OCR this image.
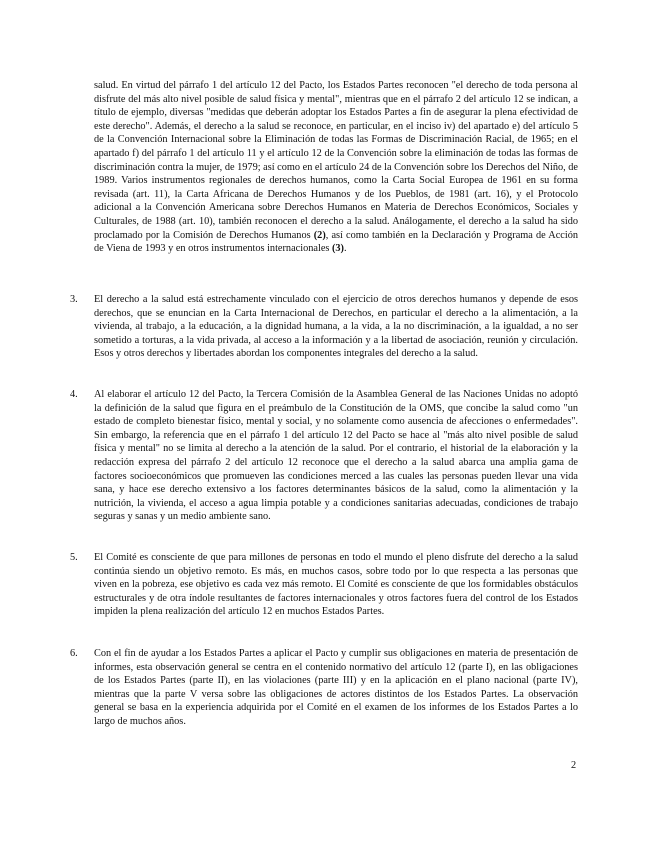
salud. En virtud del párrafo 1 del artículo 12 del Pacto, los Estados Partes reconocen "el derecho de toda persona al disfrute del más alto nivel posible de salud física y mental", mientras que en el párrafo 2 del artículo 12 se indican, a título de ejemplo, diversas "medidas que deberán adoptar los Estados Partes a fin de asegurar la plena efectividad de este derecho". Además, el derecho a la salud se reconoce, en particular, en el inciso iv) del apartado e) del artículo 5 de la Convención Internacional sobre la Eliminación de todas las Formas de Discriminación Racial, de 1965; en el apartado f) del párrafo 1 del artículo 11 y el artículo 12 de la Convención sobre la eliminación de todas las formas de discriminación contra la mujer, de 1979; así como en el artículo 24 de la Convención sobre los Derechos del Niño, de 1989. Varios instrumentos regionales de derechos humanos, como la Carta Social Europea de 1961 en su forma revisada (art. 11), la Carta Africana de Derechos Humanos y de los Pueblos, de 1981 (art. 16), y el Protocolo adicional a la Convención Americana sobre Derechos Humanos en Materia de Derechos Económicos, Sociales y Culturales, de 1988 (art. 10), también reconocen el derecho a la salud. Análogamente, el derecho a la salud ha sido proclamado por la Comisión de Derechos Humanos (2), así como también en la Declaración y Programa de Acción de Viena de 1993 y en otros instrumentos internacionales (3).

3. El derecho a la salud está estrechamente vinculado con el ejercicio de otros derechos humanos y depende de esos derechos, que se enuncian en la Carta Internacional de Derechos, en particular el derecho a la alimentación, a la vivienda, al trabajo, a la educación, a la dignidad humana, a la vida, a la no discriminación, a la igualdad, a no ser sometido a torturas, a la vida privada, al acceso a la información y a la libertad de asociación, reunión y circulación. Esos y otros derechos y libertades abordan los componentes integrales del derecho a la salud.

4. Al elaborar el artículo 12 del Pacto, la Tercera Comisión de la Asamblea General de las Naciones Unidas no adoptó la definición de la salud que figura en el preámbulo de la Constitución de la OMS, que concibe la salud como "un estado de completo bienestar físico, mental y social, y no solamente como ausencia de afecciones o enfermedades". Sin embargo, la referencia que en el párrafo 1 del artículo 12 del Pacto se hace al "más alto nivel posible de salud física y mental" no se limita al derecho a la atención de la salud. Por el contrario, el historial de la elaboración y la redacción expresa del párrafo 2 del artículo 12 reconoce que el derecho a la salud abarca una amplia gama de factores socioeconómicos que promueven las condiciones merced a las cuales las personas pueden llevar una vida sana, y hace ese derecho extensivo a los factores determinantes básicos de la salud, como la alimentación y la nutrición, la vivienda, el acceso a agua limpia potable y a condiciones sanitarias adecuadas, condiciones de trabajo seguras y sanas y un medio ambiente sano.

5. El Comité es consciente de que para millones de personas en todo el mundo el pleno disfrute del derecho a la salud continúa siendo un objetivo remoto. Es más, en muchos casos, sobre todo por lo que respecta a las personas que viven en la pobreza, ese objetivo es cada vez más remoto. El Comité es consciente de que los formidables obstáculos estructurales y de otra índole resultantes de factores internacionales y otros factores fuera del control de los Estados impiden la plena realización del artículo 12 en muchos Estados Partes.

6. Con el fin de ayudar a los Estados Partes a aplicar el Pacto y cumplir sus obligaciones en materia de presentación de informes, esta observación general se centra en el contenido normativo del artículo 12 (parte I), en las obligaciones de los Estados Partes (parte II), en las violaciones (parte III) y en la aplicación en el plano nacional (parte IV), mientras que la parte V versa sobre las obligaciones de actores distintos de los Estados Partes. La observación general se basa en la experiencia adquirida por el Comité en el examen de los informes de los Estados Partes a lo largo de muchos años.

2
